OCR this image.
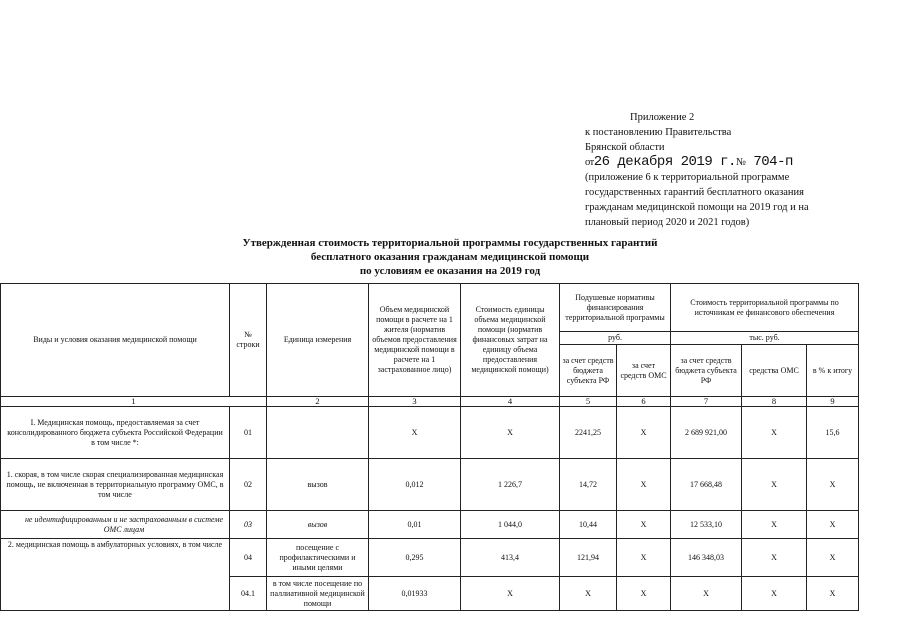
Приложение 2
к постановлению Правительства
Брянской области
от26 декабря 2019 г.№ 704-п
(приложение 6 к территориальной программе
государственных гарантий бесплатного оказания
гражданам медицинской помощи на 2019 год и на
плановый период 2020 и 2021 годов)
Утвержденная стоимость территориальной программы государственных гарантий
бесплатного оказания гражданам медицинской помощи
по условиям ее оказания на 2019 год
Виды и условия оказания медицинской помощи	№ строки	Единица измерения	Объем медицинской помощи в расчете на 1 жителя (норматив объемов предоставления медицинской помощи в расчете на 1 застрахованное лицо)	Стоимость единицы объема медицинской помощи (норматив финансовых затрат на единицу объема предоставления медицинской помощи)	Подушевые нормативы финансирования территориальной программы		Стоимость территориальной программы по источникам ее финансового обеспечения		
					руб.		тыс. руб.		
					за счет средств бюджета субъекта РФ	за счет средств ОМС	за счет средств бюджета субъекта РФ	средства ОМС	в % к итогу
1		2	3	4	5	6	7	8	9
I. Медицинская помощь, предоставляемая за счет консолидированного бюджета субъекта Российской Федерации
в том числе *:	01		X	X	2241,25	X	2 689 921,00	X	15,6
1. скорая, в том числе скорая специализированная медицинская помощь, не включенная в территориальную программу ОМС, в том числе	02	вызов	0,012	1 226,7	14,72	X	17 668,48	X	X
не идентифицированным и не застрахованным в системе ОМС лицам	03	вызов	0,01	1 044,0	10,44	X	12 533,10	X	X
2. медицинская помощь в амбулаторных условиях, в том числе	04	посещение с профилактическими и иными целями	0,295	413,4	121,94	X	146 348,03	X	X
	04.1	в том числе посещение по паллиативной медицинской помощи	0,01933	X	X	X	X	X	X
